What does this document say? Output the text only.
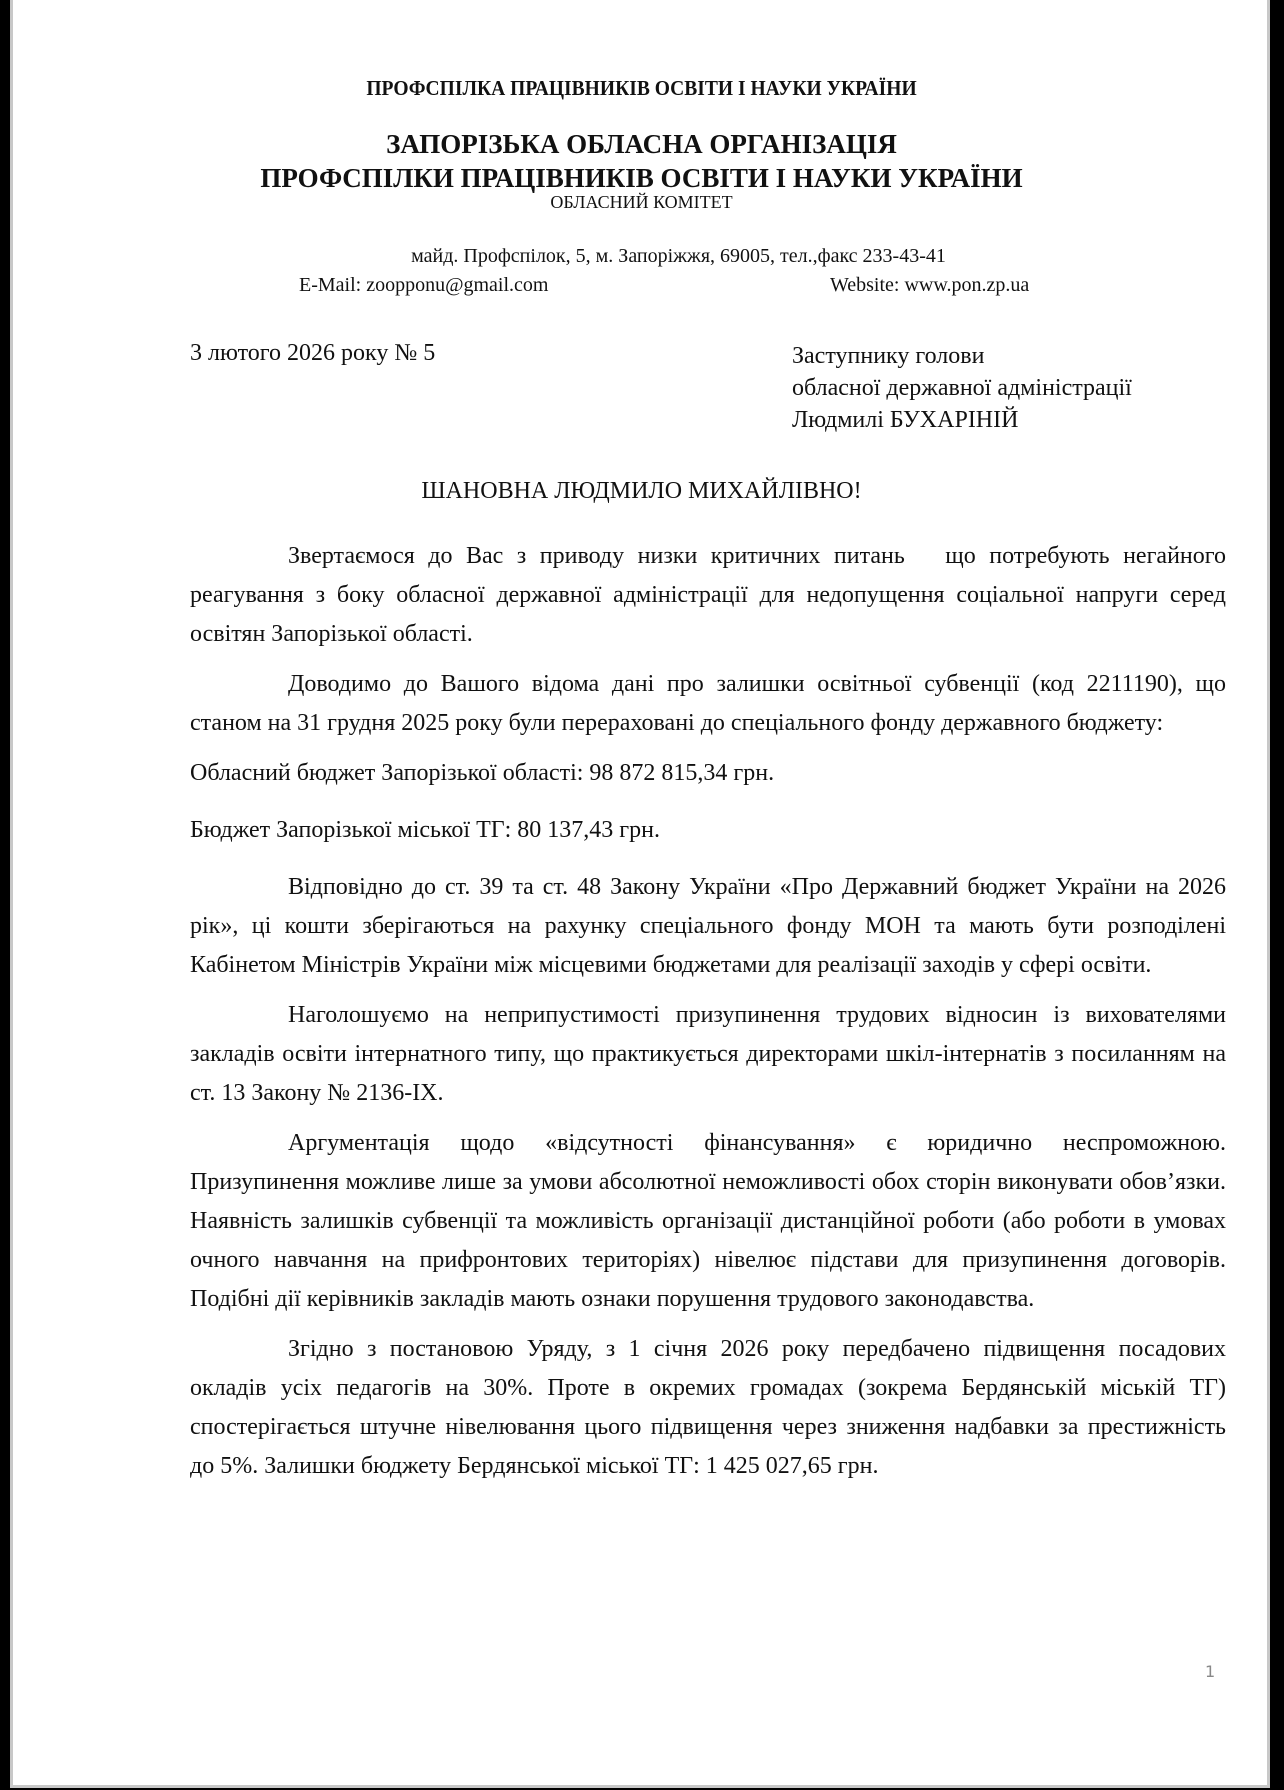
ПРОФСПІЛКА ПРАЦІВНИКІВ ОСВІТИ І НАУКИ УКРАЇНИ
ЗАПОРІЗЬКА ОБЛАСНА ОРГАНІЗАЦІЯ
ПРОФСПІЛКИ ПРАЦІВНИКІВ ОСВІТИ І НАУКИ УКРАЇНИ
ОБЛАСНИЙ КОМІТЕТ
майд. Профспілок, 5, м. Запоріжжя, 69005, тел.,факс 233-43-41
E-Mail: zoopponu@gmail.com	Website: www.pon.zp.ua
3 лютого 2026 року № 5	Заступнику голови
обласної державної адміністрації
Людмилі БУХАРІНІЙ
ШАНОВНА ЛЮДМИЛО МИХАЙЛІВНО!

Звертаємося до Вас з приводу низки критичних питань   що потребують негайного реагування з боку обласної державної адміністрації для недопущення соціальної напруги серед освітян Запорізької області.

Доводимо до Вашого відома дані про залишки освітньої субвенції (код 2211190), що станом на 31 грудня 2025 року були перераховані до спеціального фонду державного бюджету:

Обласний бюджет Запорізької області: 98 872 815,34 грн.

Бюджет Запорізької міської ТГ: 80 137,43 грн.

Відповідно до ст. 39 та ст. 48 Закону України «Про Державний бюджет України на 2026 рік», ці кошти зберігаються на рахунку спеціального фонду МОН та мають бути розподілені Кабінетом Міністрів України між місцевими бюджетами для реалізації заходів у сфері освіти.

Наголошуємо на неприпустимості призупинення трудових відносин із вихователями закладів освіти інтернатного типу, що практикується директорами шкіл-інтернатів з посиланням на ст. 13 Закону № 2136-IX.

Аргументація щодо «відсутності фінансування» є юридично неспроможною. Призупинення можливе лише за умови абсолютної неможливості обох сторін виконувати обов’язки. Наявність залишків субвенції та можливість організації дистанційної роботи (або роботи в умовах очного навчання на прифронтових територіях) нівелює підстави для призупинення договорів. Подібні дії керівників закладів мають ознаки порушення трудового законодавства.

Згідно з постановою Уряду, з 1 січня 2026 року передбачено підвищення посадових окладів усіх педагогів на 30%. Проте в окремих громадах (зокрема Бердянській міській ТГ) спостерігається штучне нівелювання цього підвищення через зниження надбавки за престижність до 5%. Залишки бюджету Бердянської міської ТГ: 1 425 027,65 грн.

1
